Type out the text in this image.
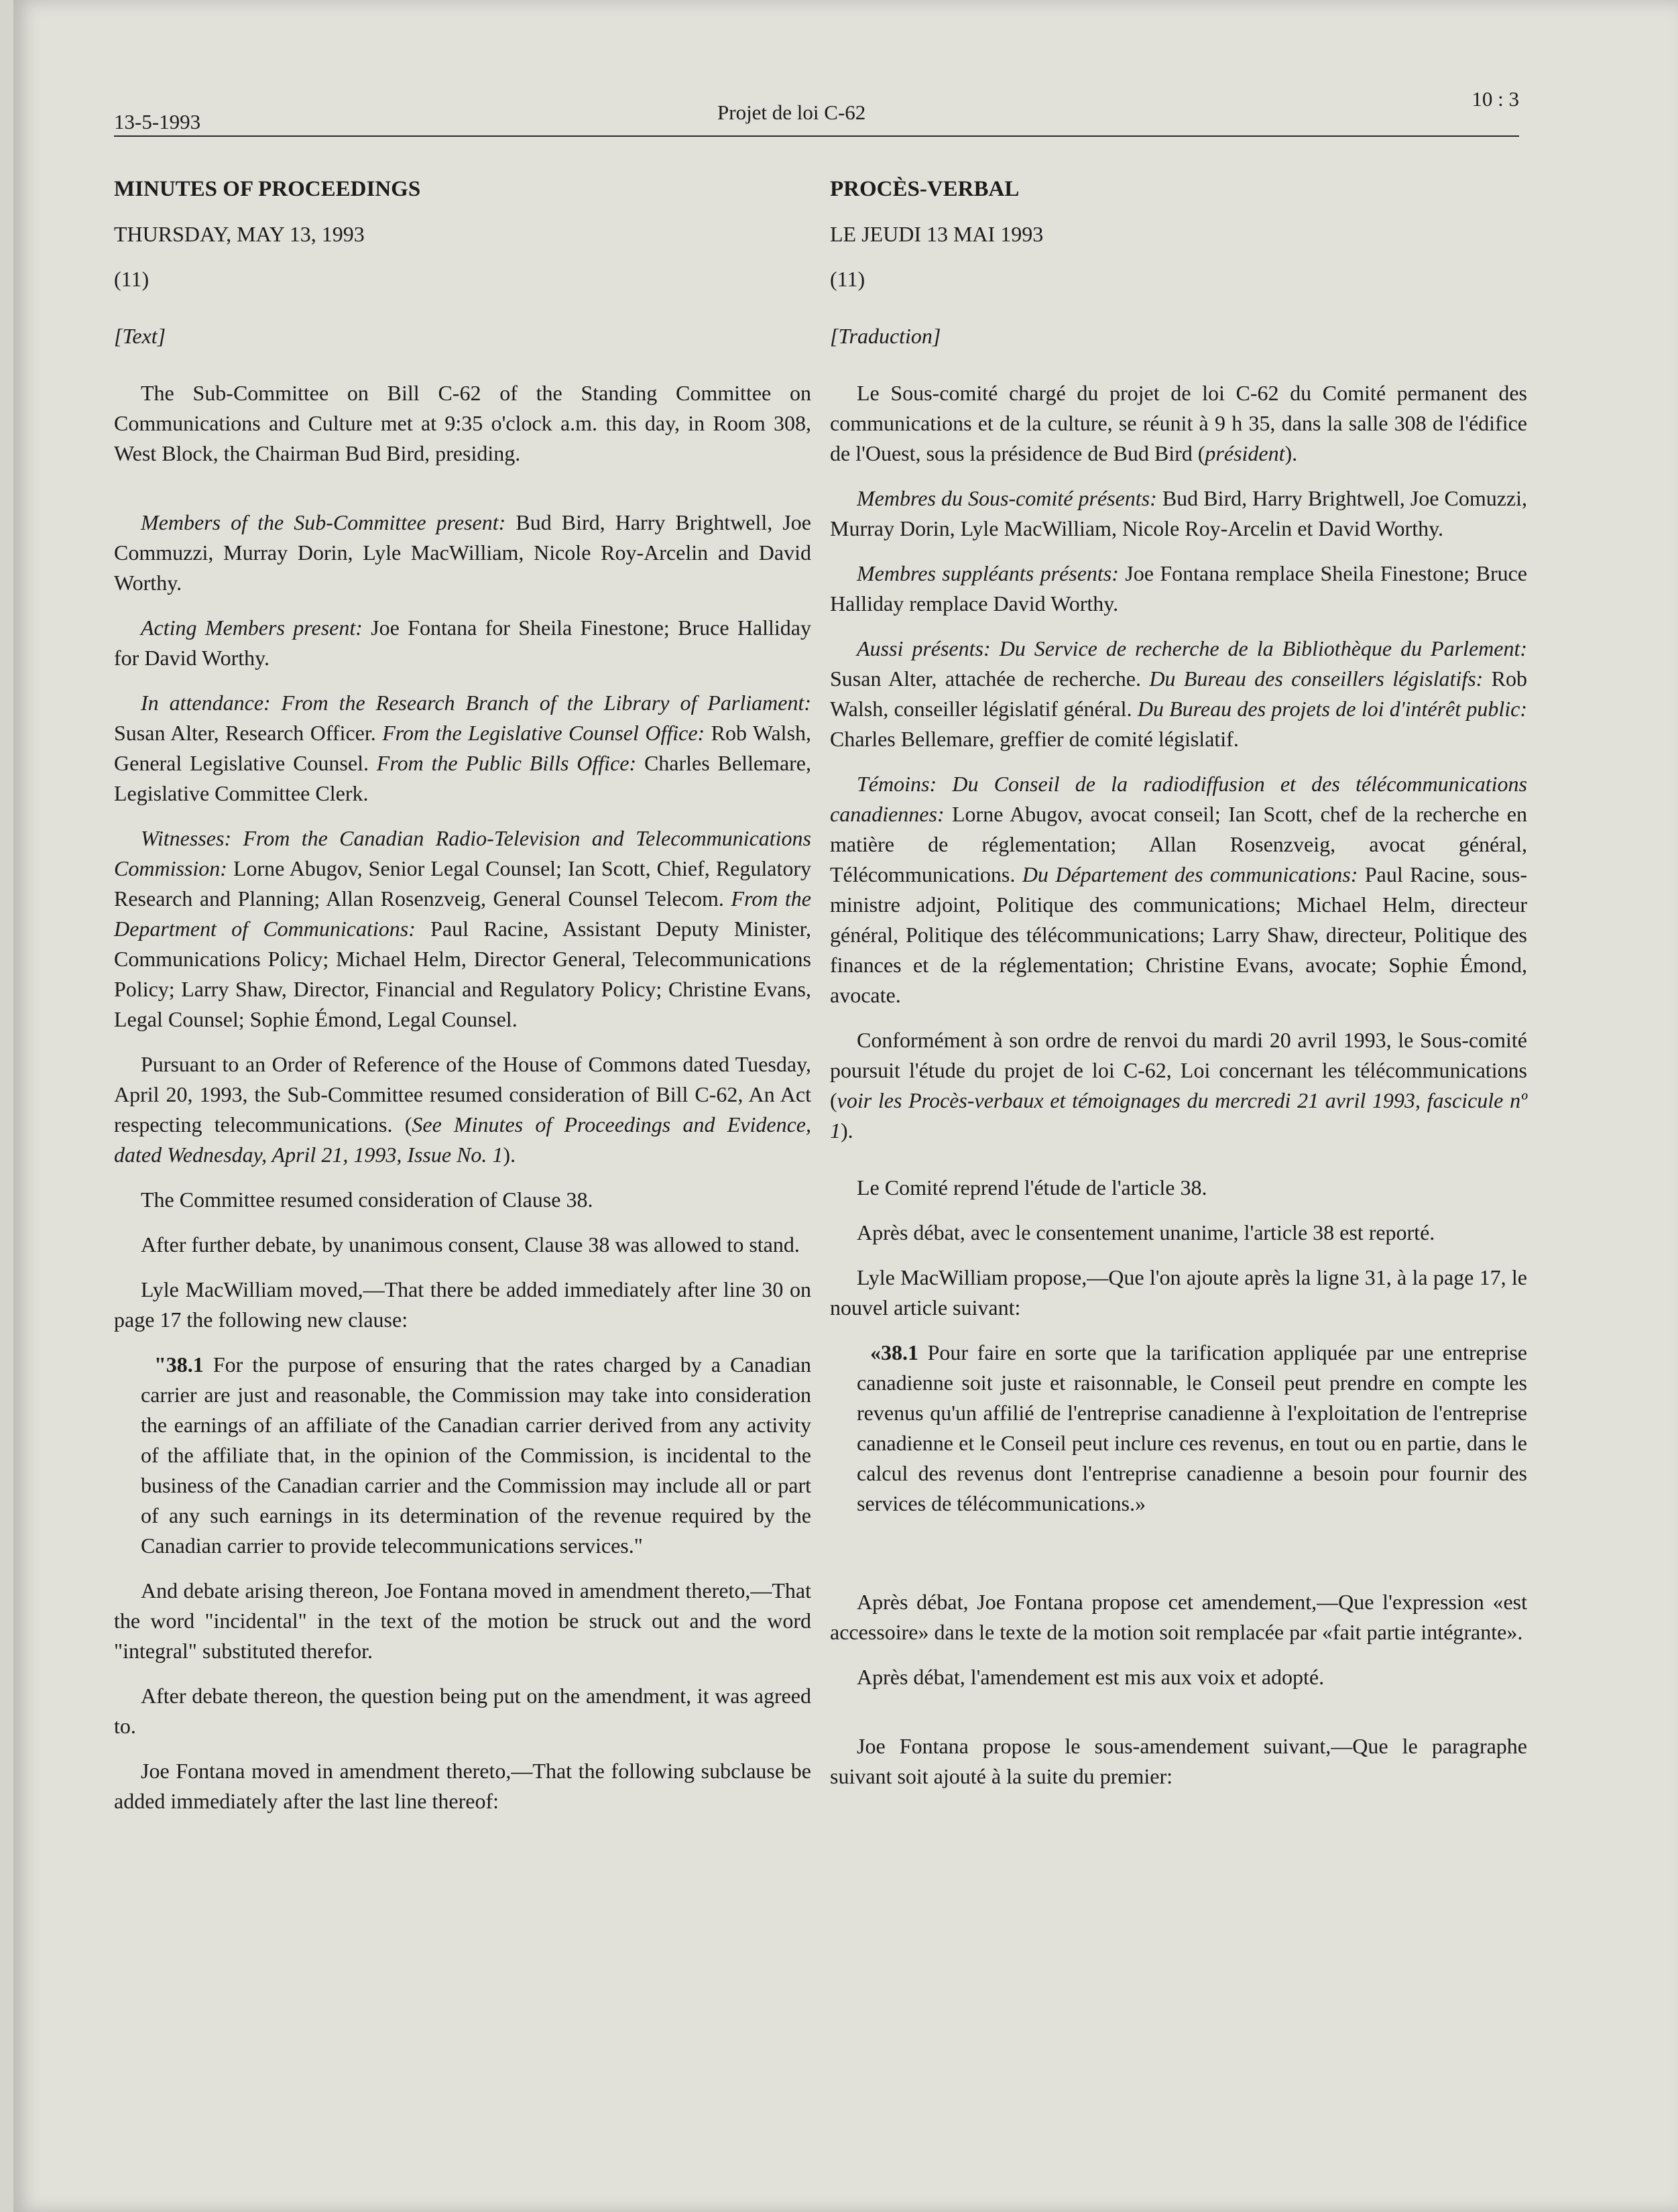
13-5-1993	Projet de loi C-62
10 : 3

MINUTES OF PROCEEDINGS

THURSDAY, MAY 13, 1993

(11)

[Text]

The Sub-Committee on Bill C-62 of the Standing Committee on Communications and Culture met at 9:35 o'clock a.m. this day, in Room 308, West Block, the Chairman Bud Bird, presiding.

Members of the Sub-Committee present: Bud Bird, Harry Brightwell, Joe Commuzzi, Murray Dorin, Lyle MacWilliam, Nicole Roy-Arcelin and David Worthy.

Acting Members present: Joe Fontana for Sheila Finestone; Bruce Halliday for David Worthy.

In attendance: From the Research Branch of the Library of Parliament: Susan Alter, Research Officer. From the Legislative Counsel Office: Rob Walsh, General Legislative Counsel. From the Public Bills Office: Charles Bellemare, Legislative Committee Clerk.

Witnesses: From the Canadian Radio-Television and Telecommunications Commission: Lorne Abugov, Senior Legal Counsel; Ian Scott, Chief, Regulatory Research and Planning; Allan Rosenzveig, General Counsel Telecom. From the Department of Communications: Paul Racine, Assistant Deputy Minister, Communications Policy; Michael Helm, Director General, Telecommunications Policy; Larry Shaw, Director, Financial and Regulatory Policy; Christine Evans, Legal Counsel; Sophie Émond, Legal Counsel.

Pursuant to an Order of Reference of the House of Commons dated Tuesday, April 20, 1993, the Sub-Committee resumed consideration of Bill C-62, An Act respecting telecommunications. (See Minutes of Proceedings and Evidence, dated Wednesday, April 21, 1993, Issue No. 1).

The Committee resumed consideration of Clause 38.

After further debate, by unanimous consent, Clause 38 was allowed to stand.

Lyle MacWilliam moved,—That there be added immediately after line 30 on page 17 the following new clause:

"38.1 For the purpose of ensuring that the rates charged by a Canadian carrier are just and reasonable, the Commission may take into consideration the earnings of an affiliate of the Canadian carrier derived from any activity of the affiliate that, in the opinion of the Commission, is incidental to the business of the Canadian carrier and the Commission may include all or part of any such earnings in its determination of the revenue required by the Canadian carrier to provide telecommunications services."

And debate arising thereon, Joe Fontana moved in amendment thereto,—That the word "incidental" in the text of the motion be struck out and the word "integral" substituted therefor.

After debate thereon, the question being put on the amendment, it was agreed to.

Joe Fontana moved in amendment thereto,—That the following subclause be added immediately after the last line thereof:

PROCÈS-VERBAL

LE JEUDI 13 MAI 1993

(11)

[Traduction]

Le Sous-comité chargé du projet de loi C-62 du Comité permanent des communications et de la culture, se réunit à 9 h 35, dans la salle 308 de l'édifice de l'Ouest, sous la présidence de Bud Bird (président).

Membres du Sous-comité présents: Bud Bird, Harry Brightwell, Joe Comuzzi, Murray Dorin, Lyle MacWilliam, Nicole Roy-Arcelin et David Worthy.

Membres suppléants présents: Joe Fontana remplace Sheila Finestone; Bruce Halliday remplace David Worthy.

Aussi présents: Du Service de recherche de la Bibliothèque du Parlement: Susan Alter, attachée de recherche. Du Bureau des conseillers législatifs: Rob Walsh, conseiller législatif général. Du Bureau des projets de loi d'intérêt public: Charles Bellemare, greffier de comité législatif.

Témoins: Du Conseil de la radiodiffusion et des télécommunications canadiennes: Lorne Abugov, avocat conseil; Ian Scott, chef de la recherche en matière de réglementation; Allan Rosenzveig, avocat général, Télécommunications. Du Département des communications: Paul Racine, sous-ministre adjoint, Politique des communications; Michael Helm, directeur général, Politique des télécommunications; Larry Shaw, directeur, Politique des finances et de la réglementation; Christine Evans, avocate; Sophie Émond, avocate.

Conformément à son ordre de renvoi du mardi 20 avril 1993, le Sous-comité poursuit l'étude du projet de loi C-62, Loi concernant les télécommunications (voir les Procès-verbaux et témoignages du mercredi 21 avril 1993, fascicule nº 1).

Le Comité reprend l'étude de l'article 38.

Après débat, avec le consentement unanime, l'article 38 est reporté.

Lyle MacWilliam propose,—Que l'on ajoute après la ligne 31, à la page 17, le nouvel article suivant:

«38.1 Pour faire en sorte que la tarification appliquée par une entreprise canadienne soit juste et raisonnable, le Conseil peut prendre en compte les revenus qu'un affilié de l'entreprise canadienne à l'exploitation de l'entreprise canadienne et le Conseil peut inclure ces revenus, en tout ou en partie, dans le calcul des revenus dont l'entreprise canadienne a besoin pour fournir des services de télécommunications.»

Après débat, Joe Fontana propose cet amendement,—Que l'expression «est accessoire» dans le texte de la motion soit remplacée par «fait partie intégrante».

Après débat, l'amendement est mis aux voix et adopté.

Joe Fontana propose le sous-amendement suivant,—Que le paragraphe suivant soit ajouté à la suite du premier:
